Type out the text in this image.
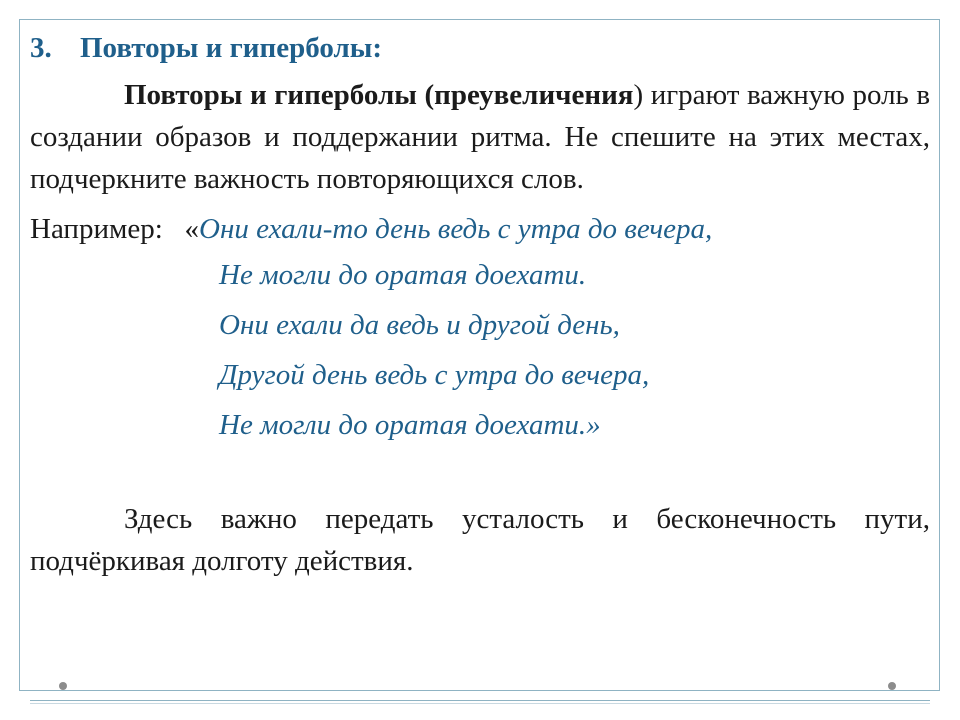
3. Повторы и гиперболы:

Повторы и гиперболы (преувеличения) играют важную роль в создании образов и поддержании ритма. Не спешите на этих местах, подчеркните важность повторяющихся слов.

Например: «Они ехали-то день ведь с утра до вечера,

Не могли до оратая доехати.

Они ехали да ведь и другой день,

Другой день ведь с утра до вечера,

Не могли до оратая доехати.»

Здесь важно передать усталость и бесконечность пути, подчёркивая долготу действия.
